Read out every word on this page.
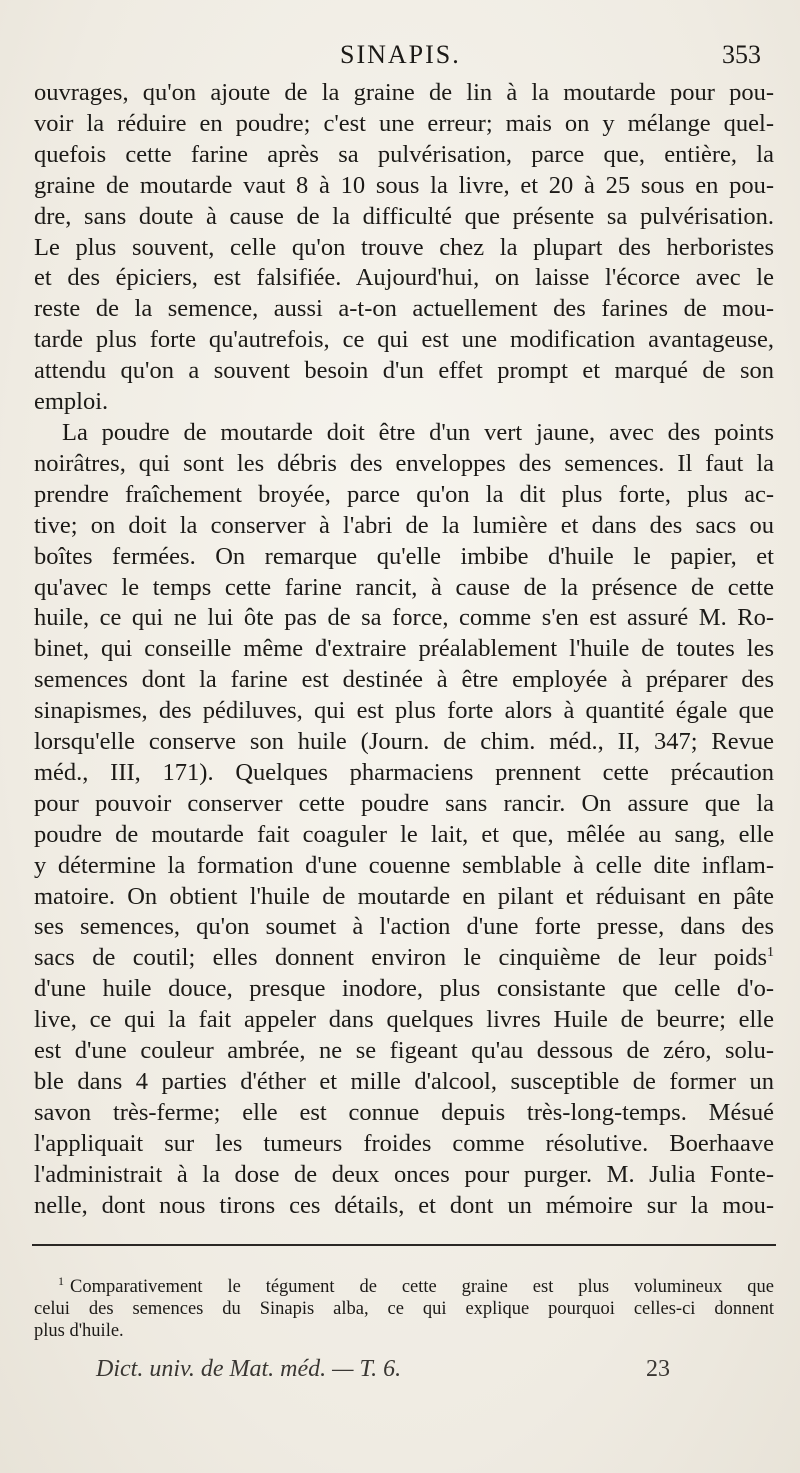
SINAPIS.	353

ouvrages, qu'on ajoute de la graine de lin à la moutarde pour pou-
voir la réduire en poudre; c'est une erreur; mais on y mélange quel-
quefois cette farine après sa pulvérisation, parce que, entière, la
graine de moutarde vaut 8 à 10 sous la livre, et 20 à 25 sous en pou-
dre, sans doute à cause de la difficulté que présente sa pulvérisation.
Le plus souvent, celle qu'on trouve chez la plupart des herboristes
et des épiciers, est falsifiée. Aujourd'hui, on laisse l'écorce avec le
reste de la semence, aussi a-t-on actuellement des farines de mou-
tarde plus forte qu'autrefois, ce qui est une modification avantageuse,
attendu qu'on a souvent besoin d'un effet prompt et marqué de son
emploi.

La poudre de moutarde doit être d'un vert jaune, avec des points
noirâtres, qui sont les débris des enveloppes des semences. Il faut la
prendre fraîchement broyée, parce qu'on la dit plus forte, plus ac-
tive; on doit la conserver à l'abri de la lumière et dans des sacs ou
boîtes fermées. On remarque qu'elle imbibe d'huile le papier, et
qu'avec le temps cette farine rancit, à cause de la présence de cette
huile, ce qui ne lui ôte pas de sa force, comme s'en est assuré M. Ro-
binet, qui conseille même d'extraire préalablement l'huile de toutes les
semences dont la farine est destinée à être employée à préparer des
sinapismes, des pédiluves, qui est plus forte alors à quantité égale que
lorsqu'elle conserve son huile (Journ. de chim. méd., II, 347; Revue
méd., III, 171). Quelques pharmaciens prennent cette précaution
pour pouvoir conserver cette poudre sans rancir. On assure que la
poudre de moutarde fait coaguler le lait, et que, mêlée au sang, elle
y détermine la formation d'une couenne semblable à celle dite inflam-
matoire. On obtient l'huile de moutarde en pilant et réduisant en pâte
ses semences, qu'on soumet à l'action d'une forte presse, dans des
sacs de coutil; elles donnent environ le cinquième de leur poids$^1$
d'une huile douce, presque inodore, plus consistante que celle d'o-
live, ce qui la fait appeler dans quelques livres Huile de beurre; elle
est d'une couleur ambrée, ne se figeant qu'au dessous de zéro, solu-
ble dans 4 parties d'éther et mille d'alcool, susceptible de former un
savon très-ferme; elle est connue depuis très-long-temps. Mésué
l'appliquait sur les tumeurs froides comme résolutive. Boerhaave
l'administrait à la dose de deux onces pour purger. M. Julia Fonte-
nelle, dont nous tirons ces détails, et dont un mémoire sur la mou-

$^1$ Comparativement le tégument de cette graine est plus volumineux que
celui des semences du Sinapis alba, ce qui explique pourquoi celles-ci donnent
plus d'huile.
Dict. univ. de Mat. méd. — T. 6.	23
